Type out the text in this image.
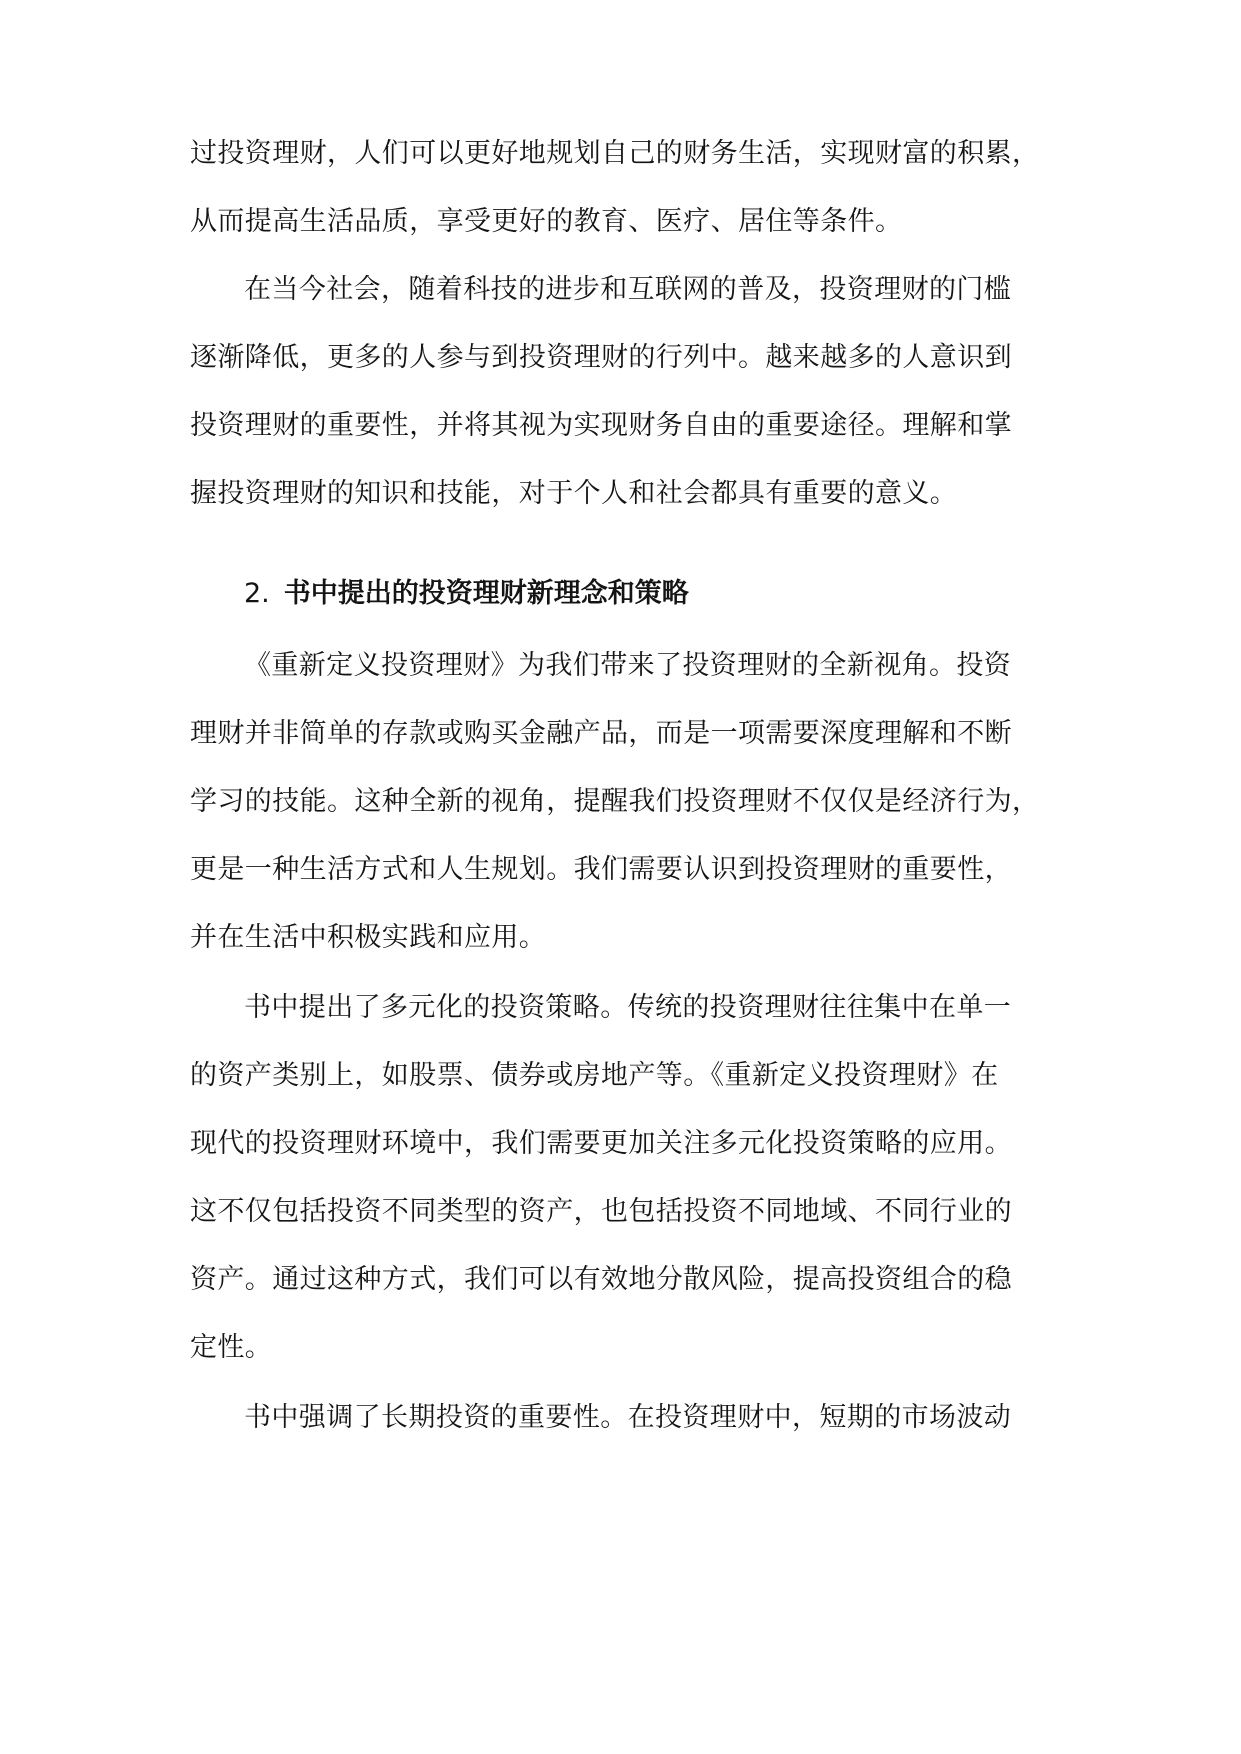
过投资理财，人们可以更好地规划自己的财务生活，实现财富的积累，
从而提高生活品质，享受更好的教育、医疗、居住等条件。
在当今社会，随着科技的进步和互联网的普及，投资理财的门槛
逐渐降低，更多的人参与到投资理财的行列中。越来越多的人意识到
投资理财的重要性，并将其视为实现财务自由的重要途径。理解和掌
握投资理财的知识和技能，对于个人和社会都具有重要的意义。
2. 书中提出的投资理财新理念和策略
《重新定义投资理财》为我们带来了投资理财的全新视角。投资
理财并非简单的存款或购买金融产品，而是一项需要深度理解和不断
学习的技能。这种全新的视角，提醒我们投资理财不仅仅是经济行为，
更是一种生活方式和人生规划。我们需要认识到投资理财的重要性，
并在生活中积极实践和应用。
书中提出了多元化的投资策略。传统的投资理财往往集中在单一
的资产类别上，如股票、债券或房地产等。《重新定义投资理财》在
现代的投资理财环境中，我们需要更加关注多元化投资策略的应用。
这不仅包括投资不同类型的资产，也包括投资不同地域、不同行业的
资产。通过这种方式，我们可以有效地分散风险，提高投资组合的稳
定性。
书中强调了长期投资的重要性。在投资理财中，短期的市场波动
